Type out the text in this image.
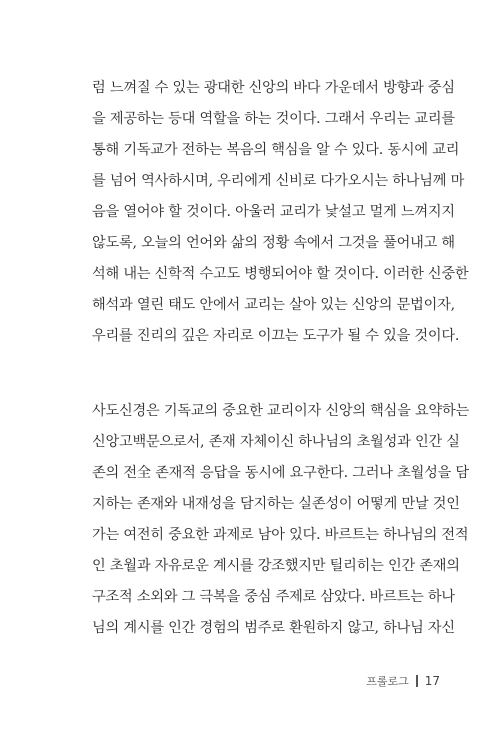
럼 느껴질 수 있는 광대한 신앙의 바다 가운데서 방향과 중심
을 제공하는 등대 역할을 하는 것이다. 그래서 우리는 교리를
통해 기독교가 전하는 복음의 핵심을 알 수 있다. 동시에 교리
를 넘어 역사하시며, 우리에게 신비로 다가오시는 하나님께 마
음을 열어야 할 것이다. 아울러 교리가 낯설고 멀게 느껴지지
않도록, 오늘의 언어와 삶의 정황 속에서 그것을 풀어내고 해
석해 내는 신학적 수고도 병행되어야 할 것이다. 이러한 신중한
해석과 열린 태도 안에서 교리는 살아 있는 신앙의 문법이자,
우리를 진리의 깊은 자리로 이끄는 도구가 될 수 있을 것이다.
사도신경은 기독교의 중요한 교리이자 신앙의 핵심을 요약하는
신앙고백문으로서, 존재 자체이신 하나님의 초월성과 인간 실
존의 전全 존재적 응답을 동시에 요구한다. 그러나 초월성을 담
지하는 존재와 내재성을 담지하는 실존성이 어떻게 만날 것인
가는 여전히 중요한 과제로 남아 있다. 바르트는 하나님의 전적
인 초월과 자유로운 계시를 강조했지만 틸리히는 인간 존재의
구조적 소외와 그 극복을 중심 주제로 삼았다. 바르트는 하나
님의 계시를 인간 경험의 범주로 환원하지 않고, 하나님 자신
프롤로그 17
